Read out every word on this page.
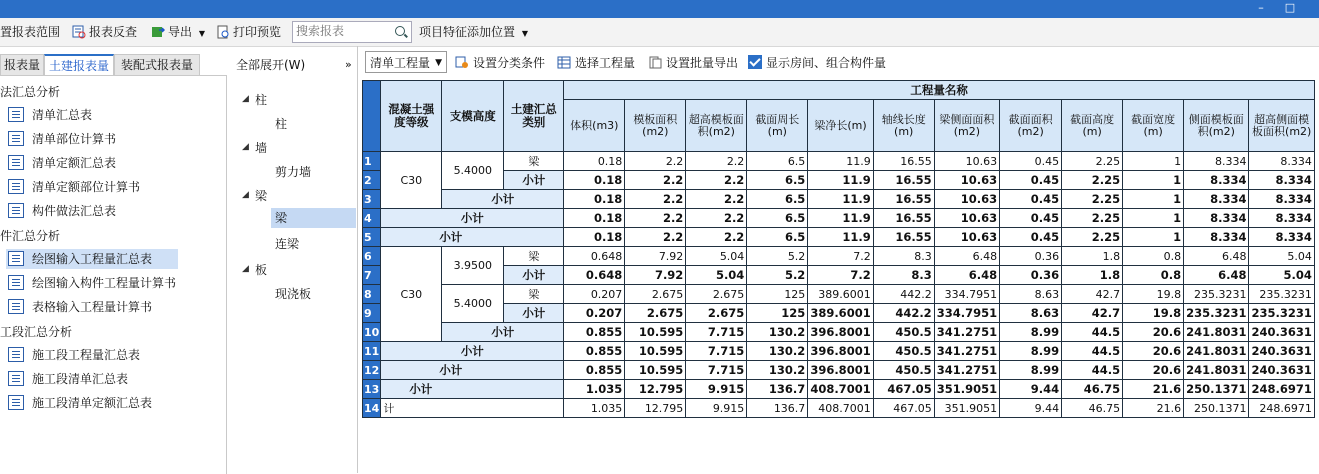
–	□
置报表范围	报表反查	导出 ▼	打印预览
搜索报表	项目特征添加位置 ▼
报表量 土建报表量 装配式报表量
法汇总分析
清单汇总表
清单部位计算书
清单定额汇总表
清单定额部位计算书
构件做法汇总表
件汇总分析
绘图输入工程量汇总表
绘图输入构件工程量计算书
表格输入工程量计算书
工段汇总分析
施工段工程量汇总表
施工段清单汇总表
施工段清单定额汇总表
全部展开(W)	»
◢ 柱
柱
◢ 墙
剪力墙
◢ 梁
梁
连梁
◢ 板
现浇板
清单工程量 ▼	设置分类条件	选择工程量	设置批量导出	显示房间、组合构件量
	混凝土强度等级	支模高度	土建汇总类别	工程量名称											
				体积(m3)	模板面积(m2)	超高模板面积(m2)	截面周长(m)	梁净长(m)	轴线长度(m)	梁侧面面积(m2)	截面面积(m2)	截面高度(m)	截面宽度(m)	侧面模板面积(m2)	超高侧面模板面积(m2)
1	C30	5.4000	梁	0.18	2.2	2.2	6.5	11.9	16.55	10.63	0.45	2.25	1	8.334	8.334
2			小计	0.18	2.2	2.2	6.5	11.9	16.55	10.63	0.45	2.25	1	8.334	8.334
3		小计		0.18	2.2	2.2	6.5	11.9	16.55	10.63	0.45	2.25	1	8.334	8.334
4	小计			0.18	2.2	2.2	6.5	11.9	16.55	10.63	0.45	2.25	1	8.334	8.334
5	小计			0.18	2.2	2.2	6.5	11.9	16.55	10.63	0.45	2.25	1	8.334	8.334
6	C30	3.9500	梁	0.648	7.92	5.04	5.2	7.2	8.3	6.48	0.36	1.8	0.8	6.48	5.04
7			小计	0.648	7.92	5.04	5.2	7.2	8.3	6.48	0.36	1.8	0.8	6.48	5.04
8		5.4000	梁	0.207	2.675	2.675	125	389.6001	442.2	334.7951	8.63	42.7	19.8	235.3231	235.3231
9			小计	0.207	2.675	2.675	125	389.6001	442.2	334.7951	8.63	42.7	19.8	235.3231	235.3231
10		小计		0.855	10.595	7.715	130.2	396.8001	450.5	341.2751	8.99	44.5	20.6	241.8031	240.3631
11	小计			0.855	10.595	7.715	130.2	396.8001	450.5	341.2751	8.99	44.5	20.6	241.8031	240.3631
12	小计			0.855	10.595	7.715	130.2	396.8001	450.5	341.2751	8.99	44.5	20.6	241.8031	240.3631
13	小计			1.035	12.795	9.915	136.7	408.7001	467.05	351.9051	9.44	46.75	21.6	250.1371	248.6971
14	计			1.035	12.795	9.915	136.7	408.7001	467.05	351.9051	9.44	46.75	21.6	250.1371	248.6971
